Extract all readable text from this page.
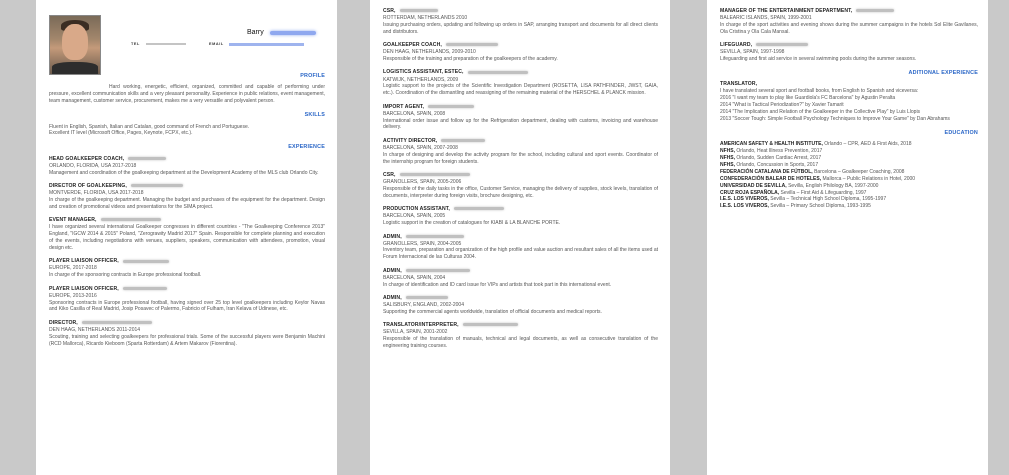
Barry
TEL	EMAIL
PROFILE
Hard working, energetic, efficient, organized, committed and capable of performing under pressure, excellent communication skills and a very pleasant personality. Experience in public relations, event management, team management, customer service, procurement, makes me a very versatile and polyvalent person.
SKILLS
Fluent in English, Spanish, Italian and Catalan, good command of French and Portuguese.
Excellent IT level (Microsoft Office, Pages, Keynote, FCPX, etc.).
EXPERIENCE
HEAD GOALKEEPER COACH,
ORLANDO, FLORIDA, USA 2017-2018
Management and coordination of the goalkeeping department at the Development Academy of the MLS club Orlando City.
DIRECTOR OF GOALKEEPING,
MONTVERDE, FLORIDA, USA 2017-2018
In charge of the goalkeeping department. Managing the budget and purchases of the equipment for the department. Design and creation of promotional videos and presentations for the SIMA project.
EVENT MANAGER,
I have organized several international Goalkeeper congresses in different countries - "The Goalkeeping Conference 2013" England, "IGCW 2014 & 2015" Poland, "Zerograwity Madrid 2017" Spain. Responsible for complete planning and execution of the events, including negotiations with venues, suppliers, speakers, communication with attendees, promotion, visual design etc.
PLAYER LIAISON OFFICER,
EUROPE, 2017-2018
In charge of the sponsoring contracts in Europe professional football.
PLAYER LIAISON OFFICER,
EUROPE, 2013-2016
Sponsoring contracts in Europe professional football, having signed over 25 top level goalkeepers including Keylor Navas and Kiko Casilla of Real Madrid, Josip Posavec of Palermo, Fabricio of Fulham, Iran Kelava of Udinese, etc.
DIRECTOR,
DEN HAAG, NETHERLANDS 2011-2014
Scouting, training and selecting goalkeepers for professional trials. Some of the successful players were Benjamin Machini (RCD Mallorca), Ricardo Kieboom (Sparta Rotterdam) & Artem Makarov (Fiorentina).
CSR,
ROTTERDAM, NETHERLANDS 2010
Issuing purchasing orders, updating and following up orders in SAP, arranging transport and documents for all direct clients and distributors.
GOALKEEPER COACH,
DEN HAAG, NETHERLANDS, 2009-2010
Responsible of the training and preparation of the goalkeepers of the academy.
LOGISTICS ASSISTANT, ESTEC,
KATWIJK, NETHERLANDS, 2009
Logistic support to the projects of the Scientific Investigation Department (ROSETTA, LISA PATHFINDER, JWST, GAIA, etc.). Coordination of the dismantling and reassigning of the remaining material of the HERSCHEL & PLANCK mission.
IMPORT AGENT,
BARCELONA, SPAIN, 2008
International order issue and follow up for the Refrigeration department, dealing with customs, invoicing and warehouse delivery.
ACTIVITY DIRECTOR,
BARCELONA, SPAIN, 2007-2008
In charge of designing and develop the activity program for the school, including cultural and sport events. Coordinator of the internship program for foreign students.
CSR,
GRANOLLERS, SPAIN, 2005-2006
Responsible of the daily tasks in the office, Customer Service, managing the delivery of supplies, stock levels, translation of documents, interpreter during foreign visits, brochure designing, etc.
PRODUCTION ASSISTANT,
BARCELONA, SPAIN, 2005
Logistic support in the creation of catalogues for KIABI & LA BLANCHE PORTE.
ADMIN,
GRANOLLERS, SPAIN, 2004-2005
Inventory team, preparation and organization of the high profile and value auction and resultant sales of all the items used at Forum Internacional de las Culturas 2004.
ADMIN,
BARCELONA, SPAIN, 2004
In charge of identification and ID card issue for VIPs and artists that took part in this international event.
ADMIN,
SALISBURY, ENGLAND, 2002-2004
Supporting the commercial agents worldwide, translation of official documents and medical reports.
TRANSLATOR/INTERPRETER,
SEVILLA, SPAIN, 2001-2002
Responsible of the translation of manuals, technical and legal documents, as well as consecutive translation of the engineering training courses.
MANAGER OF THE ENTERTAINMENT DEPARTMENT,
BALEARIC ISLANDS, SPAIN, 1999-2001
In charge of the sport activities and evening shows during the summer campaigns in the hotels Sol Elite Gavilanes, Ola Cristina y Ola Cala Mansal.
LIFEGUARD,
SEVILLA, SPAIN, 1997-1998
Lifeguarding and first aid service in several swimming pools during the summer seasons.
ADITIONAL EXPERIENCE
TRANSLATOR,
I have translated several sport and football books, from English to Spanish and viceversa:
2016 "I want my team to play like Guardiola's FC Barcelona" by Agustin Peralta
2014 "What is Tactical Periodization?" by Xavier Tamarit
2014 "The Implication and Relation of the Goalkeeper in the Collective Play" by Luis Llopis
2013 "Soccer Tough: Simple Football Psychology Techniques to Improve Your Game" by Dan Abrahams
EDUCATION
AMERICAN SAFETY & HEALTH INSTITUTE, Orlando – CPR, AED & First Aids, 2018
NFHS, Orlando, Heat Illness Prevention, 2017
NFHS, Orlando, Sudden Cardiac Arrest, 2017
NFHS, Orlando, Concussion in Sports, 2017
FEDERACIÓN CATALANA DE FÚTBOL, Barcelona – Goalkeeper Coaching, 2008
CONFEDERACIÓN BALEAR DE HOTELES, Mallorca – Public Relations in Hotel, 2000
UNIVERSIDAD DE SEVILLA, Sevilla, English Philology BA, 1997-2000
CRUZ ROJA ESPAÑOLA, Sevilla – First Aid & Lifeguarding, 1997
I.E.S. LOS VIVEROS, Sevilla – Technical High School Diploma, 1995-1997
I.E.S. LOS VIVEROS, Sevilla – Primary School Diploma, 1993-1995
